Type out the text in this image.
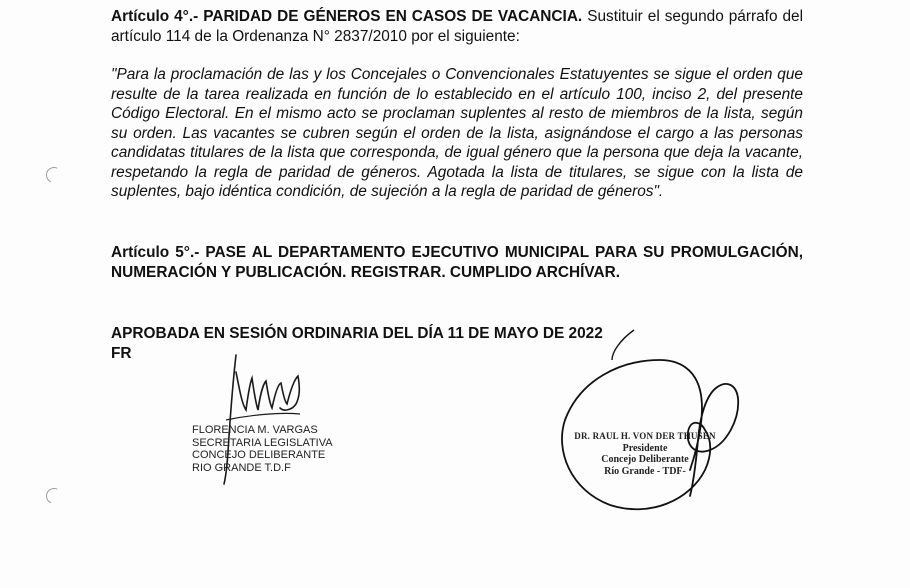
Artículo 4°.- PARIDAD DE GÉNEROS EN CASOS DE VACANCIA. Sustituir el segundo párrafo del artículo 114 de la Ordenanza N° 2837/2010 por el siguiente:
"Para la proclamación de las y los Concejales o Convencionales Estatuyentes se sigue el orden que resulte de la tarea realizada en función de lo establecido en el artículo 100, inciso 2, del presente Código Electoral. En el mismo acto se proclaman suplentes al resto de miembros de la lista, según su orden. Las vacantes se cubren según el orden de la lista, asignándose el cargo a las personas candidatas titulares de la lista que corresponda, de igual género que la persona que deja la vacante, respetando la regla de paridad de géneros. Agotada la lista de titulares, se sigue con la lista de suplentes, bajo idéntica condición, de sujeción a la regla de paridad de géneros".
Artículo 5°.- PASE AL DEPARTAMENTO EJECUTIVO MUNICIPAL PARA SU PROMULGACIÓN, NUMERACIÓN Y PUBLICACIÓN. REGISTRAR. CUMPLIDO ARCHÍVAR.
APROBADA EN SESIÓN ORDINARIA DEL DÍA 11 DE MAYO DE 2022
FR
FLORENCIA M. VARGAS
SECRETARIA LEGISLATIVA
CONCEJO DELIBERANTE
RIO GRANDE T.D.F
DR. RAUL H. VON DER THUSEN
Presidente
Concejo Deliberante
Río Grande - TDF-
